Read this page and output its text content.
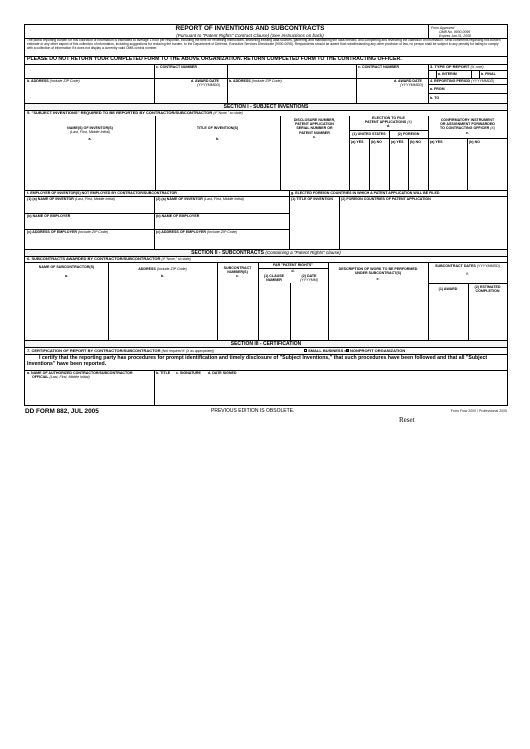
REPORT OF INVENTIONS AND SUBCONTRACTS
(Pursuant to "Patent Rights" Contract Clause) (See Instructions on back)
Form Approved
OMB No. 9000-0095
Expires Jan 31, 2008
The public reporting burden for this collection of information is estimated to average 1 hour per response, including the time for reviewing instructions, searching existing data sources, gathering and maintaining the data needed, and completing and reviewing the collection of information. Send comments regarding this burden estimate or any other aspect of this collection of information, including suggestions for reducing the burden, to the Department of Defense, Executive Services Directorate (9000-0095). Respondents should be aware that notwithstanding any other provision of law, no person shall be subject to any penalty for failing to comply with a collection of information if it does not display a currently valid OMB control number.
PLEASE DO NOT RETURN YOUR COMPLETED FORM TO THE ABOVE ORGANIZATION. RETURN COMPLETED FORM TO THE CONTRACTING OFFICER.
c. CONTRACT NUMBER	c. CONTRACT NUMBER	3. TYPE OF REPORT (X one)
a. INTERIM	b. FINAL
b. ADDRESS (Include ZIP Code)	d. AWARD DATE
(YYYYMMDD)
b. ADDRESS (Include ZIP Code)	d. AWARD DATE
(YYYYMMDD)
4. REPORTING PERIOD (YYYYMMDD)
a. FROM
b. TO
SECTION I - SUBJECT INVENTIONS
5. "SUBJECT INVENTIONS" REQUIRED TO BE REPORTED BY CONTRACTOR/SUBCONTRACTOR (If "None," so state)
NAME(S) OF INVENTOR(S)
(Last, First, Middle Initial)
a.
TITLE OF INVENTION(S)
b.
DISCLOSURE NUMBER,
PATENT APPLICATION
SERIAL NUMBER OR
PATENT NUMBER
c.
ELECTION TO FILE
PATENT APPLICATIONS (X)
d.
(1) UNITED STATES	(2) FOREIGN
CONFIRMATORY INSTRUMENT
OR ASSIGNMENT FORWARDED
TO CONTRACTING OFFICER (X)
e.
(a) YES (b) NO	(a) YES (b) NO	(a) YES	(b) NO
f. EMPLOYER OF INVENTOR(S) NOT EMPLOYED BY CONTRACTOR/SUBCONTRACTOR	g. ELECTED FOREIGN COUNTRIES IN WHICH A PATENT APPLICATION WILL BE FILED
(1) (a) NAME OF INVENTOR (Last, First, Middle Initial)	(2) (a) NAME OF INVENTOR (Last, First, Middle Initial)	(1) TITLE OF INVENTION (2) FOREIGN COUNTRIES OF PATENT APPLICATION
(b) NAME OF EMPLOYER	(b) NAME OF EMPLOYER
(c) ADDRESS OF EMPLOYER (Include ZIP Code)	(c) ADDRESS OF EMPLOYER (Include ZIP Code)
SECTION II - SUBCONTRACTS (Containing a "Patent Rights" clause)
6. SUBCONTRACTS AWARDED BY CONTRACTOR/SUBCONTRACTOR (If "None," so state)
NAME OF SUBCONTRACTOR(S)
a.
ADDRESS (Include ZIP Code)
b.
SUBCONTRACT
NUMBER(S)
c.
FAR "PATENT RIGHTS"
d.
(1) CLAUSE
NUMBER
(2) DATE
(YYYYMM)
DESCRIPTION OF WORK TO BE PERFORMED
UNDER SUBCONTRACT(S)
e.
SUBCONTRACT DATES (YYYYMMDD)
f.
(1) AWARD	(2) ESTIMATED
COMPLETION
SECTION III - CERTIFICATION
7. CERTIFICATION OF REPORT BY CONTRACTOR/SUBCONTRACTOR (Not required if: (X as appropriate))	SMALL BUSINESS or NONPROFIT ORGANIZATION
I certify that the reporting party has procedures for prompt identification and timely disclosure of "Subject Inventions," that such procedures have been followed and that all "Subject Inventions" have been reported.
a. NAME OF AUTHORIZED CONTRACTOR/SUBCONTRACTOR
OFFICIAL (Last, First, Middle Initial)
b. TITLE c. SIGNATURE d. DATE SIGNED
DD FORM 882, JUL 2005	PREVIOUS EDITION IS OBSOLETE.
Reset
Form Flow 2000 / Professional 2005
